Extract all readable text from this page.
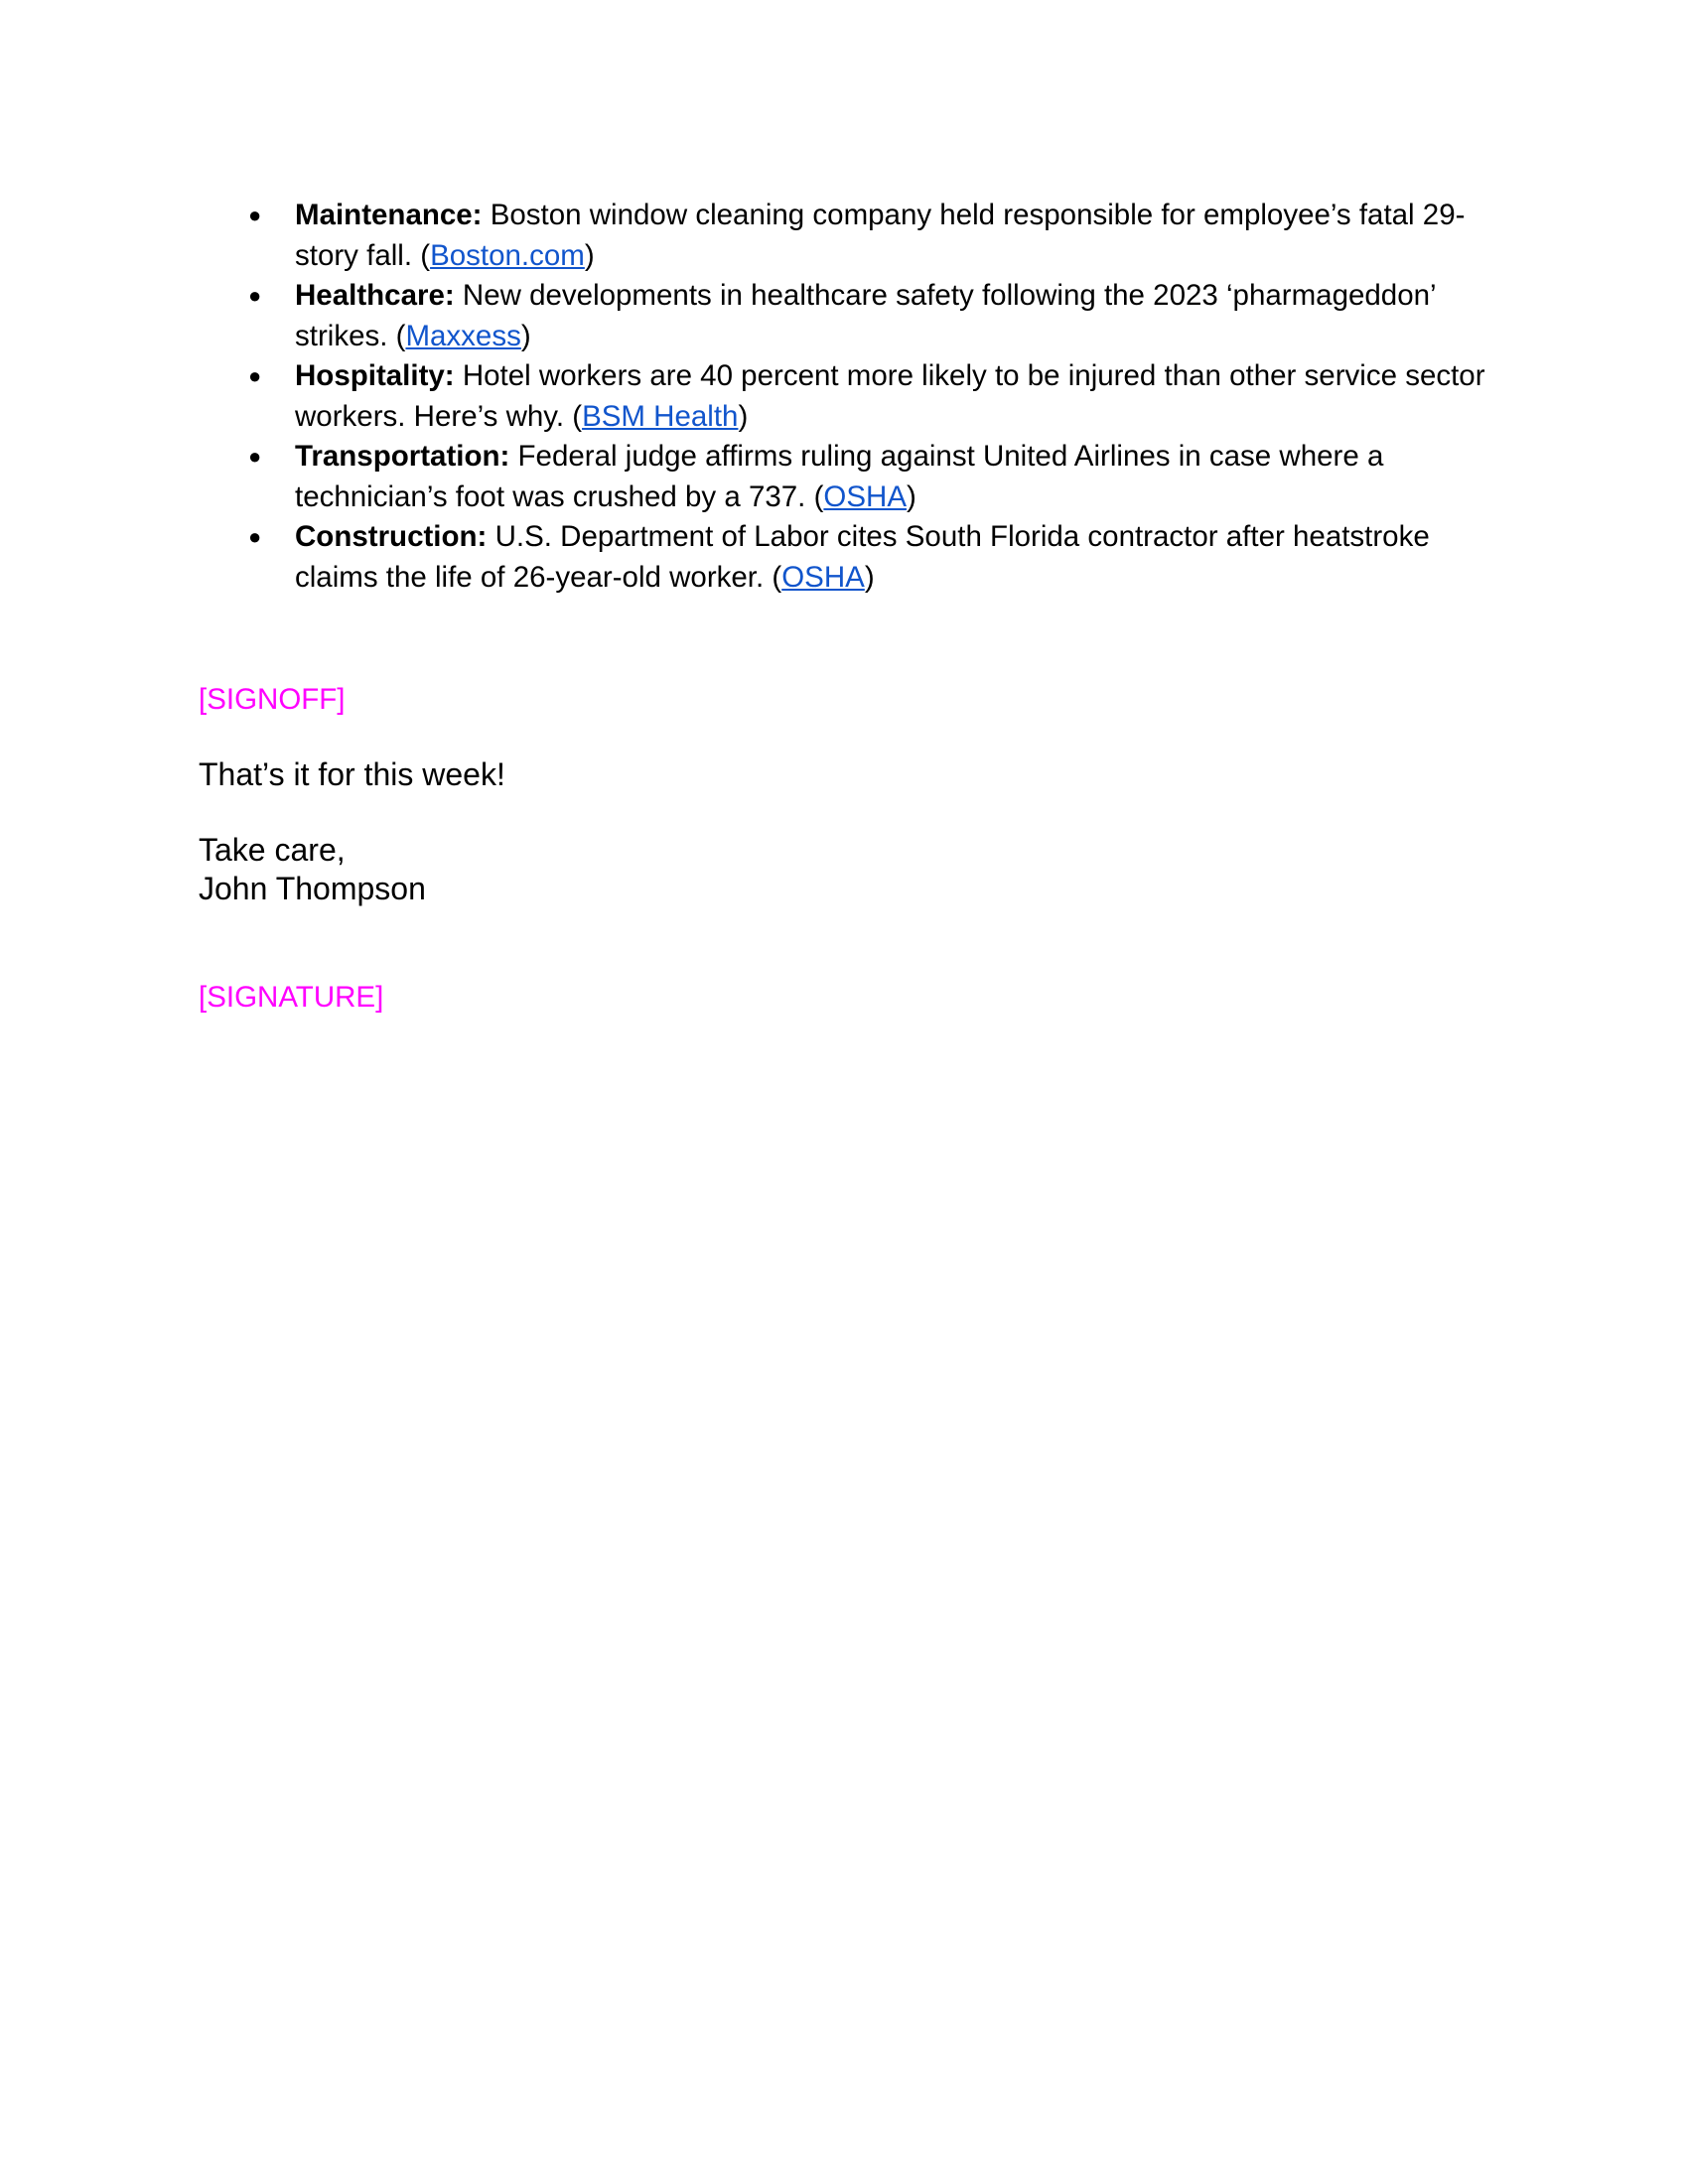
● Maintenance: Boston window cleaning company held responsible for employee’s fatal 29-story fall. (Boston.com)
● Healthcare: New developments in healthcare safety following the 2023 ‘pharmageddon’ strikes. (Maxxess)
● Hospitality: Hotel workers are 40 percent more likely to be injured than other service sector workers. Here’s why. (BSM Health)
● Transportation: Federal judge affirms ruling against United Airlines in case where a technician’s foot was crushed by a 737. (OSHA)
● Construction: U.S. Department of Labor cites South Florida contractor after heatstroke claims the life of 26-year-old worker. (OSHA)
[SIGNOFF]
That’s it for this week!
Take care,
John Thompson
[SIGNATURE]
